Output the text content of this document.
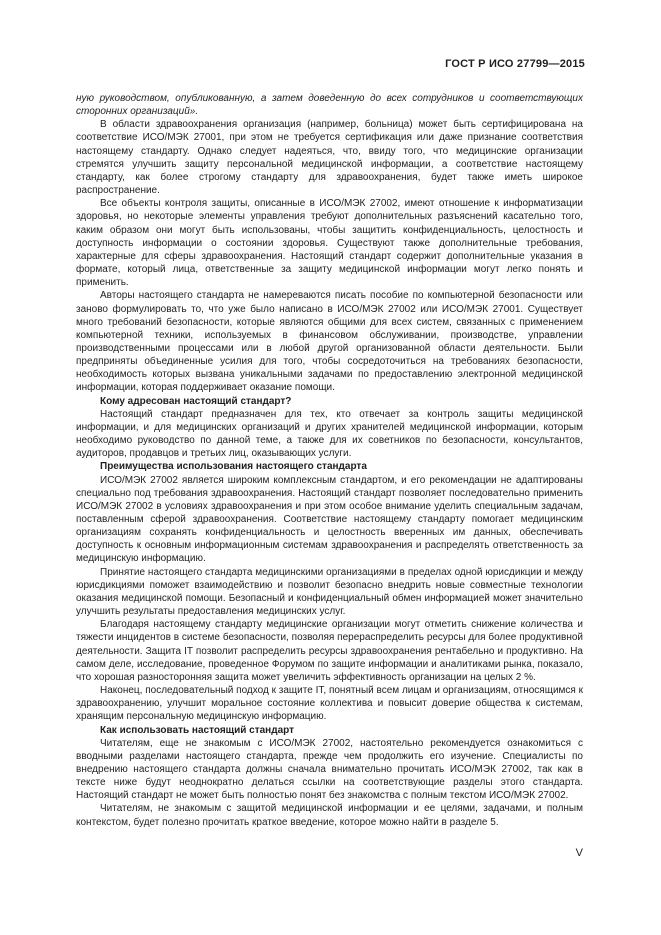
ГОСТ Р ИСО 27799—2015

ную руководством, опубликованную, а затем доведенную до всех сотрудников и соответствующих сторонних организаций».

В области здравоохранения организация (например, больница) может быть сертифицирована на соответствие ИСО/МЭК 27001, при этом не требуется сертификация или даже признание соответствия настоящему стандарту. Однако следует надеяться, что, ввиду того, что медицинские организации стремятся улучшить защиту персональной медицинской информации, а соответствие настоящему стандарту, как более строгому стандарту для здравоохранения, будет также иметь широкое распространение.

Все объекты контроля защиты, описанные в ИСО/МЭК 27002, имеют отношение к информатизации здоровья, но некоторые элементы управления требуют дополнительных разъяснений касательно того, каким образом они могут быть использованы, чтобы защитить конфиденциальность, целостность и доступность информации о состоянии здоровья. Существуют также дополнительные требования, характерные для сферы здравоохранения. Настоящий стандарт содержит дополнительные указания в формате, который лица, ответственные за защиту медицинской информации могут легко понять и применить.

Авторы настоящего стандарта не намереваются писать пособие по компьютерной безопасности или заново формулировать то, что уже было написано в ИСО/МЭК 27002 или ИСО/МЭК 27001. Существует много требований безопасности, которые являются общими для всех систем, связанных с применением компьютерной техники, используемых в финансовом обслуживании, производстве, управлении производственными процессами или в любой другой организованной области деятельности. Были предприняты объединенные усилия для того, чтобы сосредоточиться на требованиях безопасности, необходимость которых вызвана уникальными задачами по предоставлению электронной медицинской информации, которая поддерживает оказание помощи.

Кому адресован настоящий стандарт?

Настоящий стандарт предназначен для тех, кто отвечает за контроль защиты медицинской информации, и для медицинских организаций и других хранителей медицинской информации, которым необходимо руководство по данной теме, а также для их советников по безопасности, консультантов, аудиторов, продавцов и третьих лиц, оказывающих услуги.

Преимущества использования настоящего стандарта

ИСО/МЭК 27002 является широким комплексным стандартом, и его рекомендации не адаптированы специально под требования здравоохранения. Настоящий стандарт позволяет последовательно применить ИСО/МЭК 27002 в условиях здравоохранения и при этом особое внимание уделить специальным задачам, поставленным сферой здравоохранения. Соответствие настоящему стандарту помогает медицинским организациям сохранять конфиденциальность и целостность вверенных им данных, обеспечивать доступность к основным информационным системам здравоохранения и распределять ответственность за медицинскую информацию.

Принятие настоящего стандарта медицинскими организациями в пределах одной юрисдикции и между юрисдикциями поможет взаимодействию и позволит безопасно внедрить новые совместные технологии оказания медицинской помощи. Безопасный и конфиденциальный обмен информацией может значительно улучшить результаты предоставления медицинских услуг.

Благодаря настоящему стандарту медицинские организации могут отметить снижение количества и тяжести инцидентов в системе безопасности, позволяя перераспределить ресурсы для более продуктивной деятельности. Защита IT позволит распределить ресурсы здравоохранения рентабельно и продуктивно. На самом деле, исследование, проведенное Форумом по защите информации и аналитиками рынка, показало, что хорошая разносторонняя защита может увеличить эффективность организации на целых 2 %.

Наконец, последовательный подход к защите IT, понятный всем лицам и организациям, относящимся к здравоохранению, улучшит моральное состояние коллектива и повысит доверие общества к системам, хранящим персональную медицинскую информацию.

Как использовать настоящий стандарт

Читателям, еще не знакомым с ИСО/МЭК 27002, настоятельно рекомендуется ознакомиться с вводными разделами настоящего стандарта, прежде чем продолжить его изучение. Специалисты по внедрению настоящего стандарта должны сначала внимательно прочитать ИСО/МЭК 27002, так как в тексте ниже будут неоднократно делаться ссылки на соответствующие разделы этого стандарта. Настоящий стандарт не может быть полностью понят без знакомства с полным текстом ИСО/МЭК 27002.

Читателям, не знакомым с защитой медицинской информации и ее целями, задачами, и полным контекстом, будет полезно прочитать краткое введение, которое можно найти в разделе 5.

V
